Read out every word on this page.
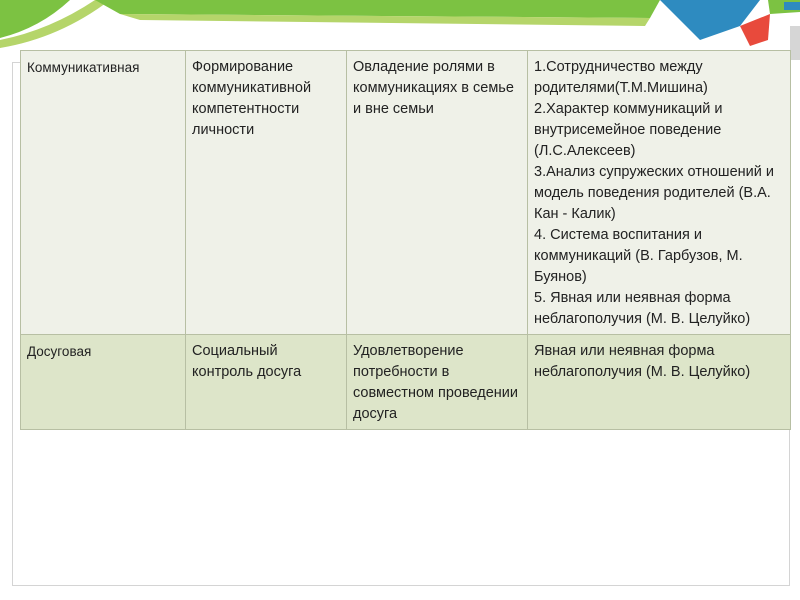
Коммуникативная	Формирование коммуникативной компетентности личности	Овладение ролями в коммуникациях в семье и вне семьи	1.Сотрудничество между родителями(Т.М.Мишина)
2.Характер коммуникаций и внутрисемейное поведение (Л.С.Алексеев)
3.Анализ супружеских отношений и модель поведения родителей (В.А. Кан - Калик)
4. Система воспитания и коммуникаций (В. Гарбузов, М. Буянов)
5. Явная или неявная форма неблагополучия (М. В. Целуйко)

Досуговая	Социальный контроль досуга	Удовлетворение потребности в совместном проведении досуга	Явная или неявная форма неблагополучия (М. В. Целуйко)
